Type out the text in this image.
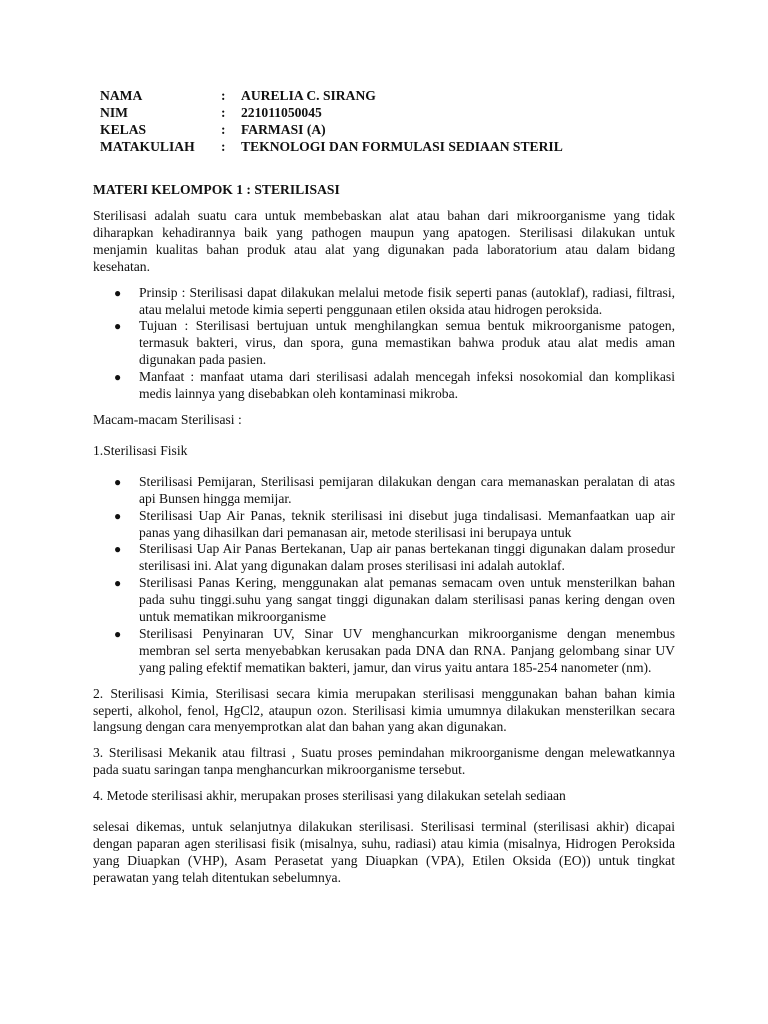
NAMA	:	AURELIA C. SIRANG
NIM	:	221011050045
KELAS	:	FARMASI (A)
MATAKULIAH	:	TEKNOLOGI DAN FORMULASI SEDIAAN STERIL
MATERI KELOMPOK 1 : STERILISASI

Sterilisasi adalah suatu cara untuk membebaskan alat atau bahan dari mikroorganisme yang tidak diharapkan kehadirannya baik yang pathogen maupun yang apatogen. Sterilisasi dilakukan untuk menjamin kualitas bahan produk atau alat yang digunakan pada laboratorium atau dalam bidang kesehatan.

● Prinsip : Sterilisasi dapat dilakukan melalui metode fisik seperti panas (autoklaf), radiasi, filtrasi, atau melalui metode kimia seperti penggunaan etilen oksida atau hidrogen peroksida.
● Tujuan : Sterilisasi bertujuan untuk menghilangkan semua bentuk mikroorganisme patogen, termasuk bakteri, virus, dan spora, guna memastikan bahwa produk atau alat medis aman digunakan pada pasien.
● Manfaat : manfaat utama dari sterilisasi adalah mencegah infeksi nosokomial dan komplikasi medis lainnya yang disebabkan oleh kontaminasi mikroba.

Macam-macam Sterilisasi :

1.Sterilisasi Fisik

● Sterilisasi Pemijaran, Sterilisasi pemijaran dilakukan dengan cara memanaskan peralatan di atas api Bunsen hingga memijar.
● Sterilisasi Uap Air Panas, teknik sterilisasi ini disebut juga tindalisasi. Memanfaatkan uap air panas yang dihasilkan dari pemanasan air, metode sterilisasi ini berupaya untuk
● Sterilisasi Uap Air Panas Bertekanan, Uap air panas bertekanan tinggi digunakan dalam prosedur sterilisasi ini. Alat yang digunakan dalam proses sterilisasi ini adalah autoklaf.
● Sterilisasi Panas Kering, menggunakan alat pemanas semacam oven untuk mensterilkan bahan pada suhu tinggi.suhu yang sangat tinggi digunakan dalam sterilisasi panas kering dengan oven untuk mematikan mikroorganisme
● Sterilisasi Penyinaran UV, Sinar UV menghancurkan mikroorganisme dengan menembus membran sel serta menyebabkan kerusakan pada DNA dan RNA. Panjang gelombang sinar UV yang paling efektif mematikan bakteri, jamur, dan virus yaitu antara 185-254 nanometer (nm).

2. Sterilisasi Kimia, Sterilisasi secara kimia merupakan sterilisasi menggunakan bahan bahan kimia seperti, alkohol, fenol, HgCl2, ataupun ozon. Sterilisasi kimia umumnya dilakukan mensterilkan secara langsung dengan cara menyemprotkan alat dan bahan yang akan digunakan.

3. Sterilisasi Mekanik atau filtrasi , Suatu proses pemindahan mikroorganisme dengan melewatkannya pada suatu saringan tanpa menghancurkan mikroorganisme tersebut.

4. Metode sterilisasi akhir, merupakan proses sterilisasi yang dilakukan setelah sediaan

selesai dikemas, untuk selanjutnya dilakukan sterilisasi. Sterilisasi terminal (sterilisasi akhir) dicapai dengan paparan agen sterilisasi fisik (misalnya, suhu, radiasi) atau kimia (misalnya, Hidrogen Peroksida yang Diuapkan (VHP), Asam Perasetat yang Diuapkan (VPA), Etilen Oksida (EO)) untuk tingkat perawatan yang telah ditentukan sebelumnya.
